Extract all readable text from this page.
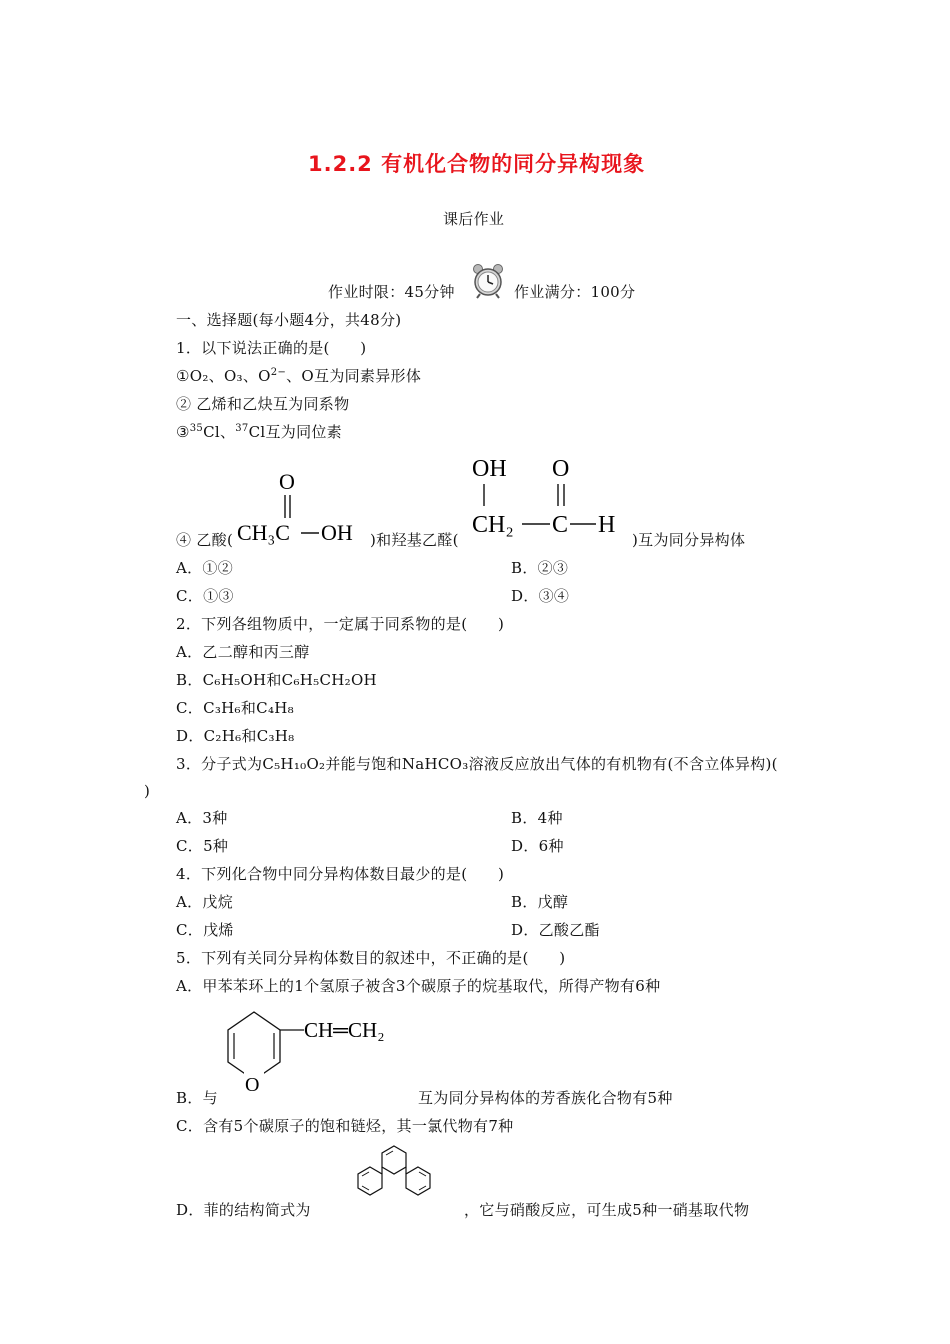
1.2.2 有机化合物的同分异构现象
课后作业
作业时限：45分钟	作业满分：100分
一、选择题(每小题4分，共48分)
1．以下说法正确的是(　　)
①O₂、O₃、$O^{2-}$、O互为同素异形体
② 乙烯和乙炔互为同系物
③$^{35}$Cl、$^{37}$Cl互为同位素
④ 乙酸(
O
CH₃C OH )和羟基乙醛(
OH O
CH₂ C H
)互为同分异构体
A．①②	B．②③
C．①③	D．③④
2．下列各组物质中，一定属于同系物的是(　　)
A．乙二醇和丙三醇
B．C₆H₅OH和C₆H₅CH₂OH
C．C₃H₆和C₄H₈
D．C₂H₆和C₃H₈
3．分子式为C₅H₁₀O₂并能与饱和NaHCO₃溶液反应放出气体的有机物有(不含立体异构)(
)
A．3种	B．4种
C．5种	D．6种
4．下列化合物中同分异构体数目最少的是(　　)
A．戊烷	B．戊醇
C．戊烯	D．乙酸乙酯
5．下列有关同分异构体数目的叙述中，不正确的是(　　)
A．甲苯苯环上的1个氢原子被含3个碳原子的烷基取代，所得产物有6种
O
CH═CH₂
B．与	互为同分异构体的芳香族化合物有5种
C．含有5个碳原子的饱和链烃，其一氯代物有7种
D．菲的结构简式为	，它与硝酸反应，可生成5种一硝基取代物
